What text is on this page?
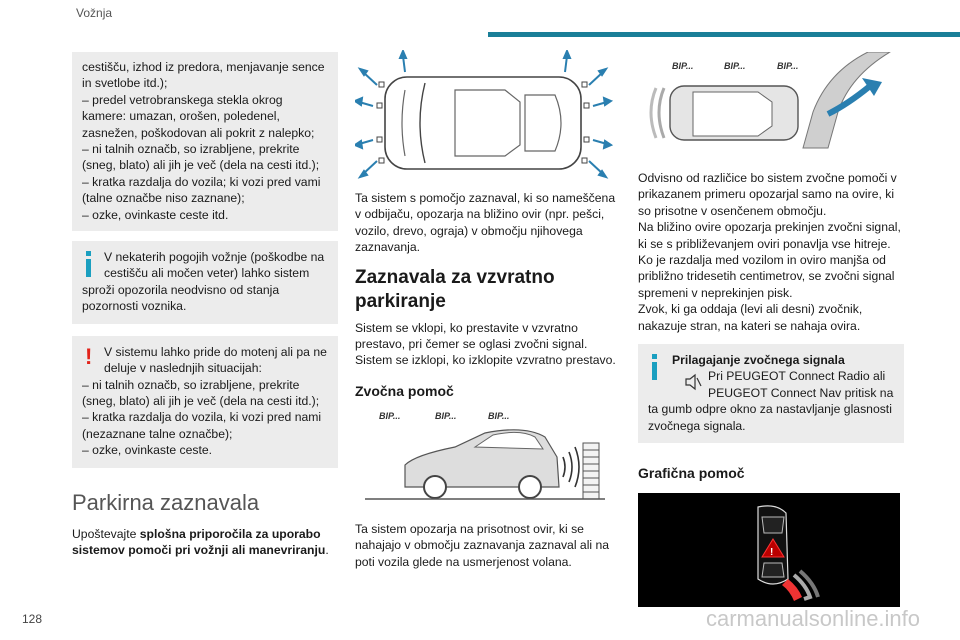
Vožnja

cestišču, izhod iz predora, menjavanje sence
in svetlobe itd.);
– predel vetrobranskega stekla okrog
kamere: umazan, orošen, poledenel,
zasnežen, poškodovan ali pokrit z nalepko;
– ni talnih označb, so izrabljene, prekrite
(sneg, blato) ali jih je več (dela na cesti itd.);
– kratka razdalja do vozila; ki vozi pred vami
(talne označbe niso zaznane);
– ozke, ovinkaste ceste itd.

V nekaterih pogojih vožnje (poškodbe na
cestišču ali močen veter) lahko sistem
sproži opozorila neodvisno od stanja
pozornosti voznika.
! V sistemu lahko pride do motenj ali pa ne
deluje v naslednjih situacijah:
– ni talnih označb, so izrabljene, prekrite
(sneg, blato) ali jih je več (dela na cesti itd.);
– kratka razdalja do vozila, ki vozi pred nami
(nezaznane talne označbe);
– ozke, ovinkaste ceste.
Parkirna zaznavala

Upoštevajte splošna priporočila za uporabo sistemov pomoči pri vožnji ali manevriranju.

Ta sistem s pomočjo zaznaval, ki so nameščena v odbijaču, opozarja na bližino ovir (npr. pešci, vozilo, drevo, ograja) v območju njihovega zaznavanja.

Zaznavala za vzvratno parkiranje

Sistem se vklopi, ko prestavite v vzvratno prestavo, pri čemer se oglasi zvočni signal. Sistem se izklopi, ko izklopite vzvratno prestavo.

Zvočna pomoč
BIP...	BIP...	BIP...

Ta sistem opozarja na prisotnost ovir, ki se nahajajo v območju zaznavanja zaznaval ali na poti vozila glede na usmerjenost volana.

BIP...	BIP...	BIP...

Odvisno od različice bo sistem zvočne pomoči v prikazanem primeru opozarjal samo na ovire, ki so prisotne v osenčenem območju.
Na bližino ovire opozarja prekinjen zvočni signal, ki se s približevanjem oviri ponavlja vse hitreje.
Ko je razdalja med vozilom in oviro manjša od približno tridesetih centimetrov, se zvočni signal spremeni v neprekinjen pisk.
Zvok, ki ga oddaja (levi ali desni) zvočnik, nakazuje stran, na kateri se nahaja ovira.

Prilagajanje zvočnega signala
Pri PEUGEOT Connect Radio ali
PEUGEOT Connect Nav pritisk na
ta gumb odpre okno za nastavljanje glasnosti
zvočnega signala.
Grafična pomoč
!
128	carmanualsonline.info
